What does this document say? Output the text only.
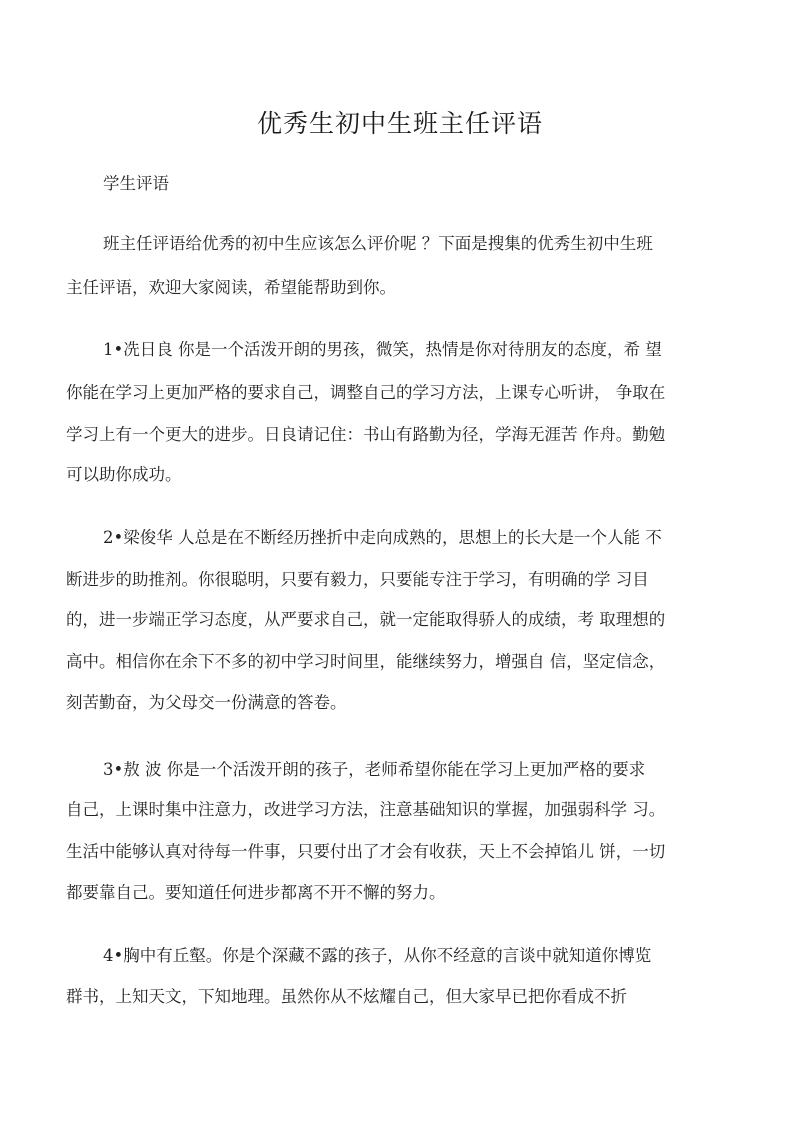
优秀生初中生班主任评语
学生评语
班主任评语给优秀的初中生应该怎么评价呢 ？下面是搜集的优秀生初中生班
主任评语，欢迎大家阅读，希望能帮助到你。
1•冼日良 你是一个活泼开朗的男孩，微笑，热情是你对待朋友的态度，希 望
你能在学习上更加严格的要求自己，调整自己的学习方法，上课专心听讲， 争取在
学习上有一个更大的进步。日良请记住：书山有路勤为径，学海无涯苦 作舟。勤勉
可以助你成功。
2•梁俊华 人总是在不断经历挫折中走向成熟的，思想上的长大是一个人能 不
断进步的助推剂。你很聪明，只要有毅力，只要能专注于学习，有明确的学 习目
的，进一步端正学习态度，从严要求自己，就一定能取得骄人的成绩，考 取理想的
高中。相信你在余下不多的初中学习时间里，能继续努力，增强自 信，坚定信念，
刻苦勤奋，为父母交一份满意的答卷。
3•敖 波 你是一个活泼开朗的孩子，老师希望你能在学习上更加严格的要求
自己，上课时集中注意力，改进学习方法，注意基础知识的掌握，加强弱科学 习。
生活中能够认真对待每一件事，只要付出了才会有收获，天上不会掉馅儿 饼，一切
都要靠自己。要知道任何进步都离不开不懈的努力。
4•胸中有丘壑。你是个深藏不露的孩子，从你不经意的言谈中就知道你博览
群书，上知天文，下知地理。虽然你从不炫耀自己，但大家早已把你看成不折
